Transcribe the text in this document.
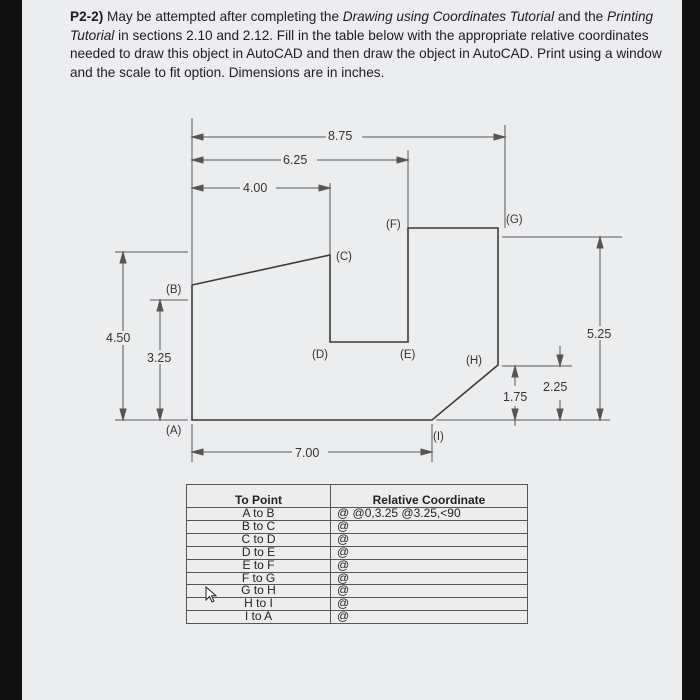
P2-2) May be attempted after completing the Drawing using Coordinates Tutorial and the Printing Tutorial in sections 2.10 and 2.12. Fill in the table below with the appropriate relative coordinates needed to draw this object in AutoCAD and then draw the object in AutoCAD. Print using a window and the scale to fit option. Dimensions are in inches.
8.75
6.25
4.00
7.00
4.50
3.25
5.25
2.25
1.75
(A)
(B)
(C)
(D)	(E)
(F)	(G)
(H)
(I)
To Point	Relative Coordinate
A to B	@ @0,3.25 @3.25,<90
B to C	@
C to D	@
D to E	@
E to F	@
F to G	@
G to H	@
H to I	@
I to A	@
